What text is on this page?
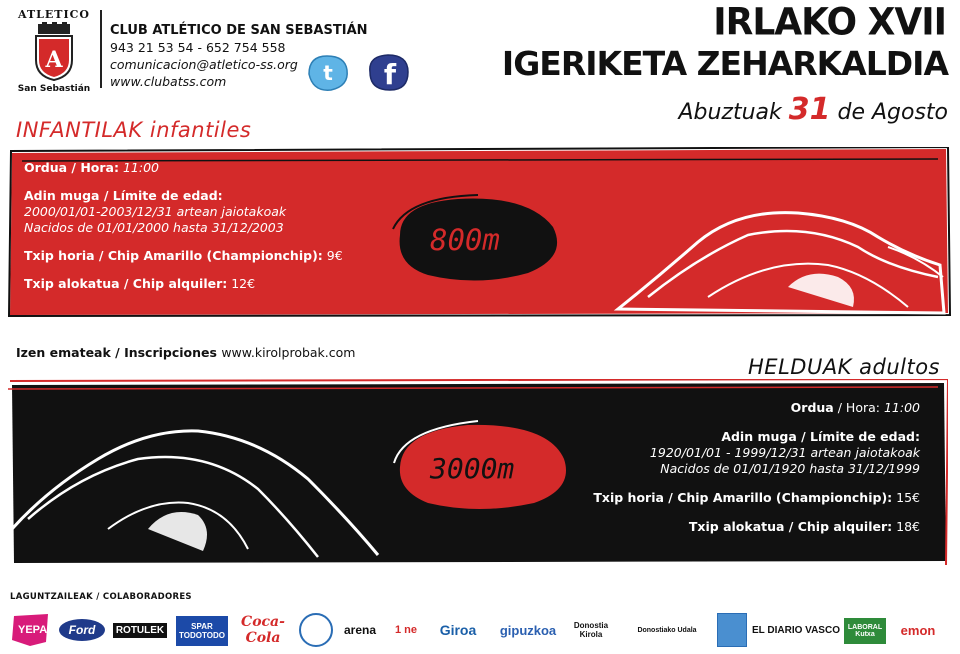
ATLETICO
A
San Sebastián
CLUB ATLÉTICO DE SAN SEBASTIÁN
943 21 53 54 - 652 754 558
comunicacion@atletico-ss.org
www.clubatss.com	t f
IRLAKO XVII
IGERIKETA ZEHARKALDIA
Abuztuak 31 de Agosto
INFANTILAK infantiles
Ordua / Hora: 11:00
Adin muga / Límite de edad:
2000/01/01-2003/12/31 artean jaiotakoak
Nacidos de 01/01/2000 hasta 31/12/2003
Txip horia / Chip Amarillo (Championchip): 9€
Txip alokatua / Chip alquiler: 12€
800m
Izen emateak / Inscripciones www.kirolprobak.com
HELDUAK adultos
Ordua / Hora: 11:00
Adin muga / Límite de edad:
1920/01/01 - 1999/12/31 artean jaiotakoak
Nacidos de 01/01/1920 hasta 31/12/1999
Txip horia / Chip Amarillo (Championchip): 15€
Txip alokatua / Chip alquiler: 18€
3000m
LAGUNTZAILEAK / COLABORADORES
YEPA!	Ford	ROTULEK	SPAR TODOTODO
Coca-Cola	arena	1 ne	Giroa	gipuzkoa	Donostia Kirola	Donostiako Udala	EL DIARIO VASCO	LABORAL Kutxa	emon
